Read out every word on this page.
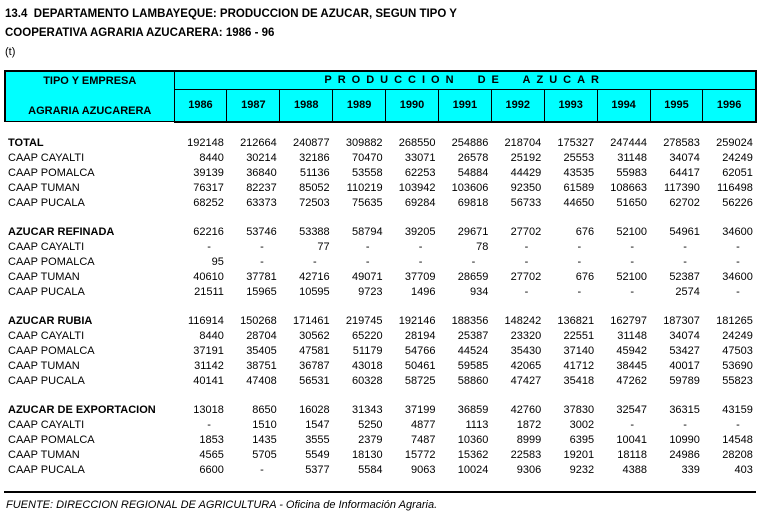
13.4  DEPARTAMENTO LAMBAYEQUE: PRODUCCION DE AZUCAR, SEGUN TIPO Y
COOPERATIVA AGRARIA AZUCARERA: 1986 - 96
(t)
TIPO Y EMPRESA
AGRARIA AZUCARERA	PRODUCCION DE AZUCAR										
	1986	1987	1988	1989	1990	1991	1992	1993	1994	1995	1996

TOTAL	192148	212664	240877	309882	268550	254886	218704	175327	247444	278583	259024
CAAP CAYALTI	8440	30214	32186	70470	33071	26578	25192	25553	31148	34074	24249
CAAP POMALCA	39139	36840	51136	53558	62253	54884	44429	43535	55983	64417	62051
CAAP TUMAN	76317	82237	85052	110219	103942	103606	92350	61589	108663	117390	116498
CAAP PUCALA	68252	63373	72503	75635	69284	69818	56733	44650	51650	62702	56226

AZUCAR REFINADA	62216	53746	53388	58794	39205	29671	27702	676	52100	54961	34600
CAAP CAYALTI	-	-	77	-	-	78	-	-	-	-	-
CAAP POMALCA	95	-	-	-	-	-	-	-	-	-	-
CAAP TUMAN	40610	37781	42716	49071	37709	28659	27702	676	52100	52387	34600
CAAP PUCALA	21511	15965	10595	9723	1496	934	-	-	-	2574	-

AZUCAR RUBIA	116914	150268	171461	219745	192146	188356	148242	136821	162797	187307	181265
CAAP CAYALTI	8440	28704	30562	65220	28194	25387	23320	22551	31148	34074	24249
CAAP POMALCA	37191	35405	47581	51179	54766	44524	35430	37140	45942	53427	47503
CAAP TUMAN	31142	38751	36787	43018	50461	59585	42065	41712	38445	40017	53690
CAAP PUCALA	40141	47408	56531	60328	58725	58860	47427	35418	47262	59789	55823

AZUCAR DE EXPORTACION	13018	8650	16028	31343	37199	36859	42760	37830	32547	36315	43159
CAAP CAYALTI	-	1510	1547	5250	4877	1113	1872	3002	-	-	-
CAAP POMALCA	1853	1435	3555	2379	7487	10360	8999	6395	10041	10990	14548
CAAP TUMAN	4565	5705	5549	18130	15772	15362	22583	19201	18118	24986	28208
CAAP PUCALA	6600	-	5377	5584	9063	10024	9306	9232	4388	339	403
FUENTE: DIRECCION REGIONAL DE AGRICULTURA - Oficina de Información Agraria.
